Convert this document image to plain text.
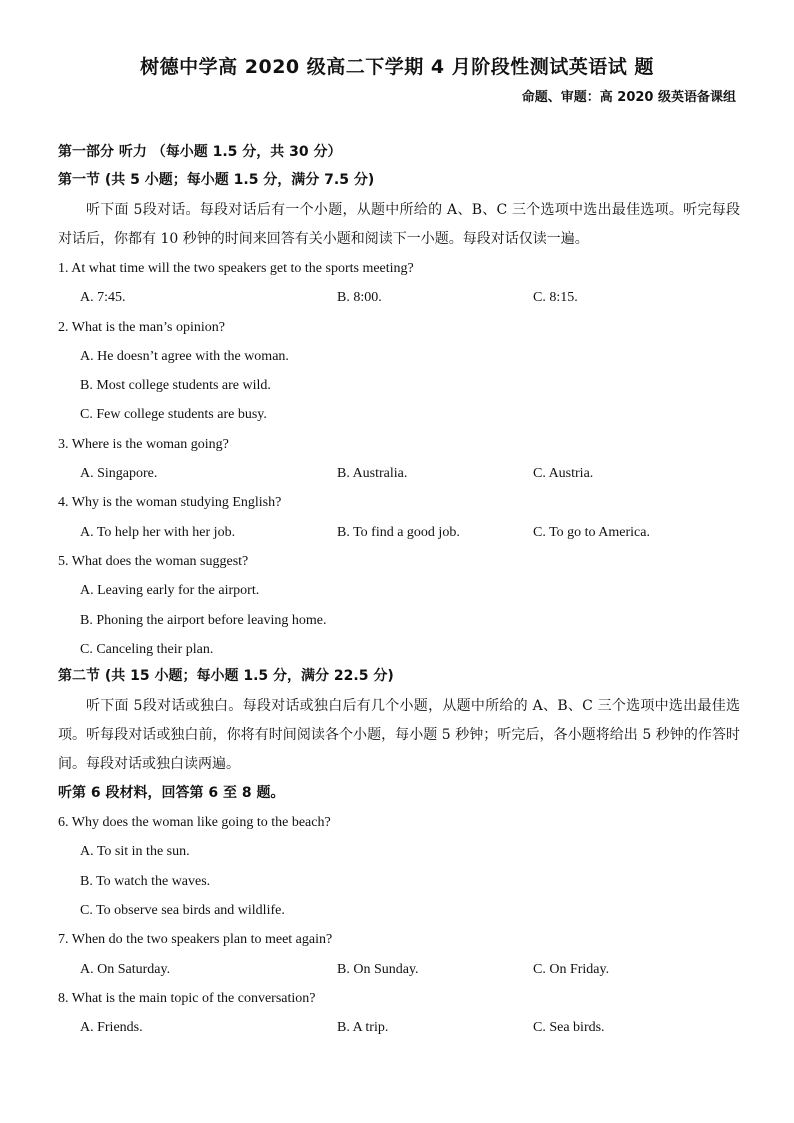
树德中学高 2020 级高二下学期 4 月阶段性测试英语试 题
命题、审题：高 2020 级英语备课组
第一部分 听力 （每小题 1.5 分，共 30 分）
第一节 (共 5 小题；每小题 1.5 分，满分 7.5 分)
听下面 5段对话。每段对话后有一个小题，从题中所给的 A、B、C 三个选项中选出最佳选项。听完每段对话后，你都有 10 秒钟的时间来回答有关小题和阅读下一小题。每段对话仅读一遍。
1. At what time will the two speakers get to the sports meeting?
A. 7:45.	B. 8:00.	C. 8:15.
2. What is the man’s opinion?
A. He doesn’t agree with the woman.
B. Most college students are wild.
C. Few college students are busy.
3. Where is the woman going?
A. Singapore.	B. Australia.	C. Austria.
4. Why is the woman studying English?
A. To help her with her job.	B. To find a good job.	C. To go to America.
5. What does the woman suggest?
A. Leaving early for the airport.
B. Phoning the airport before leaving home.
C. Canceling their plan.
第二节 (共 15 小题；每小题 1.5 分，满分 22.5 分)
听下面 5段对话或独白。每段对话或独白后有几个小题，从题中所给的 A、B、C 三个选项中选出最佳选项。听每段对话或独白前，你将有时间阅读各个小题，每小题 5 秒钟；听完后，各小题将给出 5 秒钟的作答时间。每段对话或独白读两遍。
听第 6 段材料，回答第 6 至 8 题。
6. Why does the woman like going to the beach?
A. To sit in the sun.
B. To watch the waves.
C. To observe sea birds and wildlife.
7. When do the two speakers plan to meet again?
A. On Saturday.	B. On Sunday.	C. On Friday.
8. What is the main topic of the conversation?
A. Friends.	B. A trip.	C. Sea birds.
